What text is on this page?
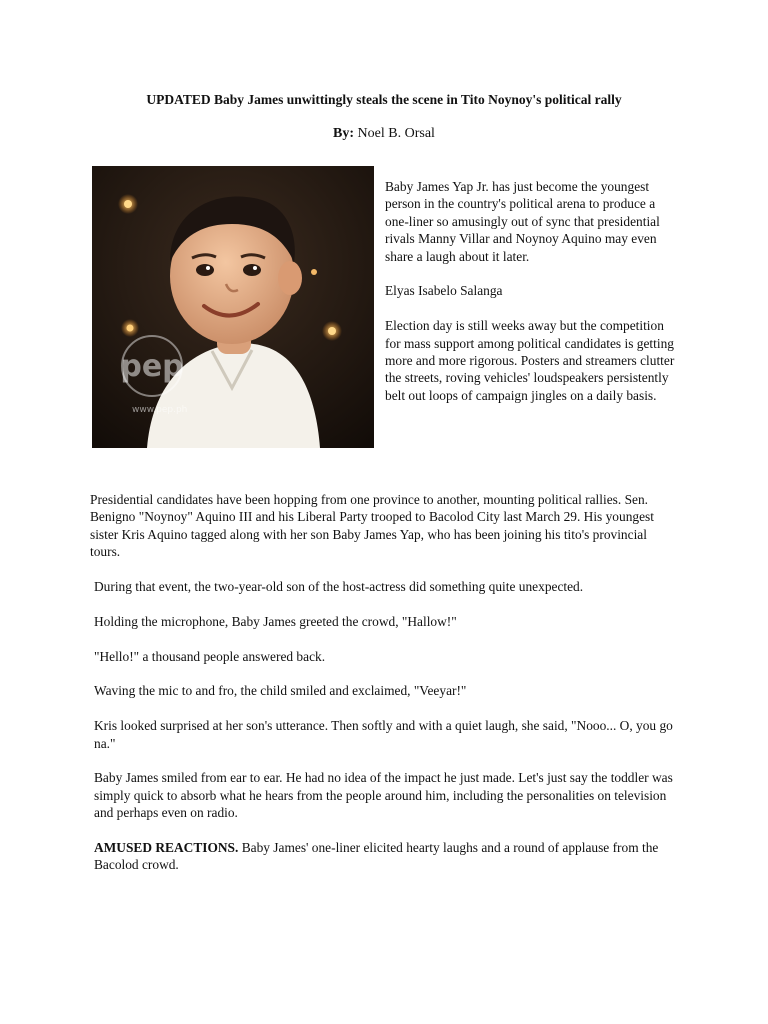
UPDATED Baby James unwittingly steals the scene in Tito Noynoy's political rally
By: Noel B. Orsal
pep
www.pep.ph

Baby James Yap Jr. has just become the youngest person in the country's political arena to produce a one-liner so amusingly out of sync that presidential rivals Manny Villar and Noynoy Aquino may even share a laugh about it later.

Elyas Isabelo Salanga

Election day is still weeks away but the competition for mass support among political candidates is getting more and more rigorous. Posters and streamers clutter the streets, roving vehicles' loudspeakers persistently belt out loops of campaign jingles on a daily basis.

Presidential candidates have been hopping from one province to another, mounting political rallies. Sen. Benigno "Noynoy" Aquino III and his Liberal Party trooped to Bacolod City last March 29. His youngest sister Kris Aquino tagged along with her son Baby James Yap, who has been joining his tito's provincial tours.

During that event, the two-year-old son of the host-actress did something quite unexpected.

Holding the microphone, Baby James greeted the crowd, "Hallow!"

"Hello!" a thousand people answered back.

Waving the mic to and fro, the child smiled and exclaimed, "Veeyar!"

Kris looked surprised at her son's utterance. Then softly and with a quiet laugh, she said, "Nooo... O, you go na."

Baby James smiled from ear to ear. He had no idea of the impact he just made. Let's just say the toddler was simply quick to absorb what he hears from the people around him, including the personalities on television and perhaps even on radio.

AMUSED REACTIONS. Baby James' one-liner elicited hearty laughs and a round of applause from the Bacolod crowd.
